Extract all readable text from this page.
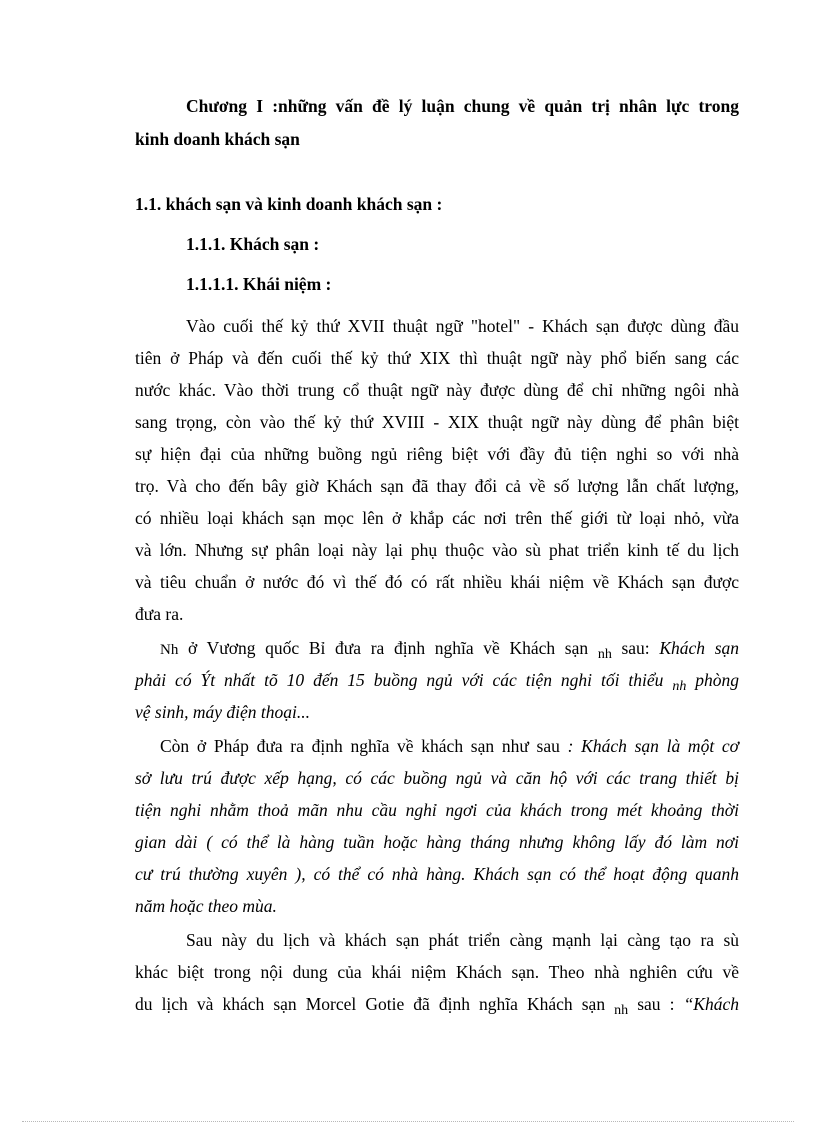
Chương I :những vấn đề lý luận chung về quản trị nhân lực trong
kinh doanh khách sạn
1.1. khách sạn và kinh doanh khách sạn :
1.1.1. Khách sạn :
1.1.1.1. Khái niệm :
Vào cuối thế kỷ thứ XVII thuật ngữ "hotel" - Khách sạn được dùng đầu
tiên ở Pháp và đến cuối thế kỷ thứ XIX thì thuật ngữ này phổ biến sang các
nước khác. Vào thời trung cổ thuật ngữ này được dùng để chỉ những ngôi nhà
sang trọng, còn vào thế kỷ thứ XVIII - XIX thuật ngữ này dùng để phân biệt
sự hiện đại của những buồng ngủ riêng biệt với đầy đủ tiện nghi so với nhà
trọ. Và cho đến bây giờ Khách sạn đã thay đổi cả về số lượng lẫn chất lượng,
có nhiều loại khách sạn mọc lên ở khắp các nơi trên thế giới từ loại nhỏ, vừa
và lớn. Nhưng sự phân loại này lại phụ thuộc vào sù phat triển kinh tế du lịch
và tiêu chuẩn ở nước đó vì thế đó có rất nhiều khái niệm về Khách sạn được
đưa ra.
Nh ở Vương quốc Bỉ đưa ra định nghĩa về Khách sạn $_{nh}$ sau: Khách sạn
phải có Ýt nhất tõ 10 đến 15 buồng ngủ với các tiện nghi tối thiểu $_{nh}$ phòng
vệ sinh, máy điện thoại...
Còn ở Pháp đưa ra định nghĩa về khách sạn như sau : Khách sạn là một cơ
sở lưu trú được xếp hạng, có các buồng ngủ và căn hộ với các trang thiết bị
tiện nghi nhằm thoả mãn nhu cầu nghỉ ngơi của khách trong mét khoảng thời
gian dài ( có thể là hàng tuần hoặc hàng tháng nhưng không lấy đó làm nơi
cư trú thường xuyên ), có thể có nhà hàng. Khách sạn có thể hoạt động quanh
năm hoặc theo mùa.
Sau này du lịch và khách sạn phát triển càng mạnh lại càng tạo ra sù
khác biệt trong nội dung của khái niệm Khách sạn. Theo nhà nghiên cứu về
du lịch và khách sạn Morcel Gotie đã định nghĩa Khách sạn $_{nh}$ sau : “Khách
